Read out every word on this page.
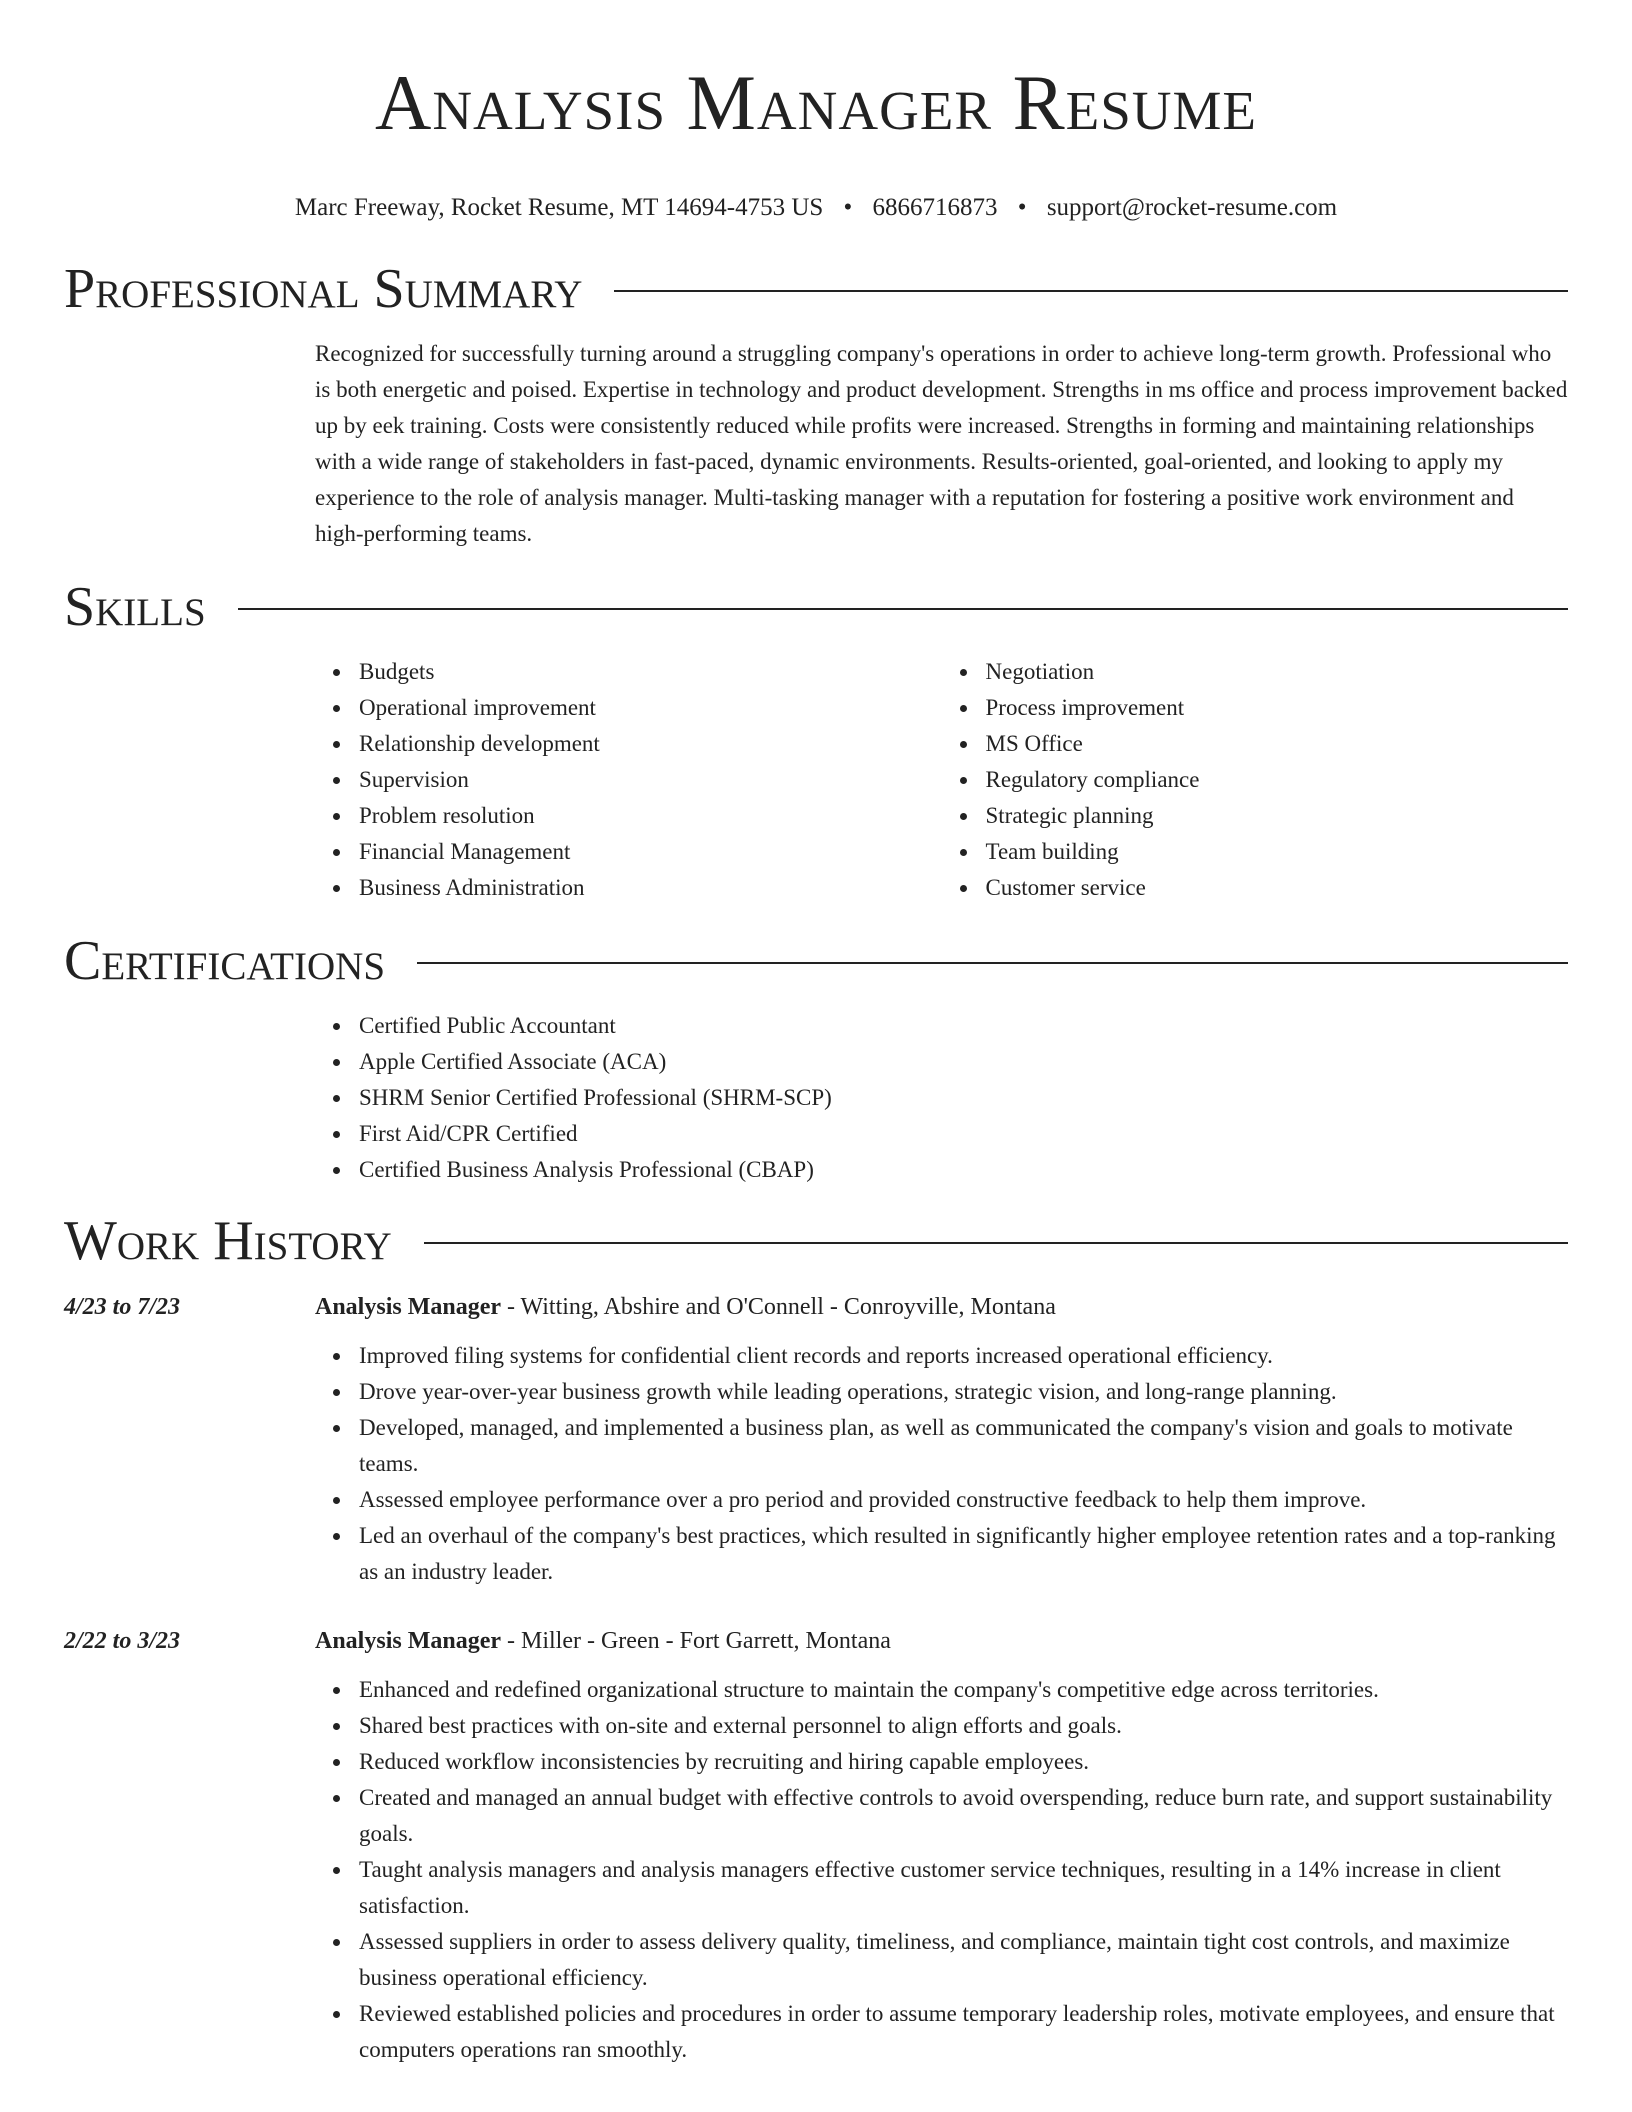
Analysis Manager Resume
Marc Freeway, Rocket Resume, MT 14694-4753 US • 6866716873 • support@rocket-resume.com
Professional Summary
Recognized for successfully turning around a struggling company's operations in order to achieve long-term growth. Professional who is both energetic and poised. Expertise in technology and product development. Strengths in ms office and process improvement backed up by eek training. Costs were consistently reduced while profits were increased. Strengths in forming and maintaining relationships with a wide range of stakeholders in fast-paced, dynamic environments. Results-oriented, goal-oriented, and looking to apply my experience to the role of analysis manager. Multi-tasking manager with a reputation for fostering a positive work environment and high-performing teams.
Skills
Budgets
Operational improvement
Relationship development
Supervision
Problem resolution
Financial Management
Business Administration
Negotiation
Process improvement
MS Office
Regulatory compliance
Strategic planning
Team building
Customer service
Certifications
Certified Public Accountant
Apple Certified Associate (ACA)
SHRM Senior Certified Professional (SHRM-SCP)
First Aid/CPR Certified
Certified Business Analysis Professional (CBAP)
Work History
4/23 to 7/23	Analysis Manager - Witting, Abshire and O'Connell - Conroyville, Montana
Improved filing systems for confidential client records and reports increased operational efficiency.
Drove year-over-year business growth while leading operations, strategic vision, and long-range planning.
Developed, managed, and implemented a business plan, as well as communicated the company's vision and goals to motivate teams.
Assessed employee performance over a pro period and provided constructive feedback to help them improve.
Led an overhaul of the company's best practices, which resulted in significantly higher employee retention rates and a top-ranking as an industry leader.
2/22 to 3/23	Analysis Manager - Miller - Green - Fort Garrett, Montana
Enhanced and redefined organizational structure to maintain the company's competitive edge across territories.
Shared best practices with on-site and external personnel to align efforts and goals.
Reduced workflow inconsistencies by recruiting and hiring capable employees.
Created and managed an annual budget with effective controls to avoid overspending, reduce burn rate, and support sustainability goals.
Taught analysis managers and analysis managers effective customer service techniques, resulting in a 14% increase in client satisfaction.
Assessed suppliers in order to assess delivery quality, timeliness, and compliance, maintain tight cost controls, and maximize business operational efficiency.
Reviewed established policies and procedures in order to assume temporary leadership roles, motivate employees, and ensure that computers operations ran smoothly.
